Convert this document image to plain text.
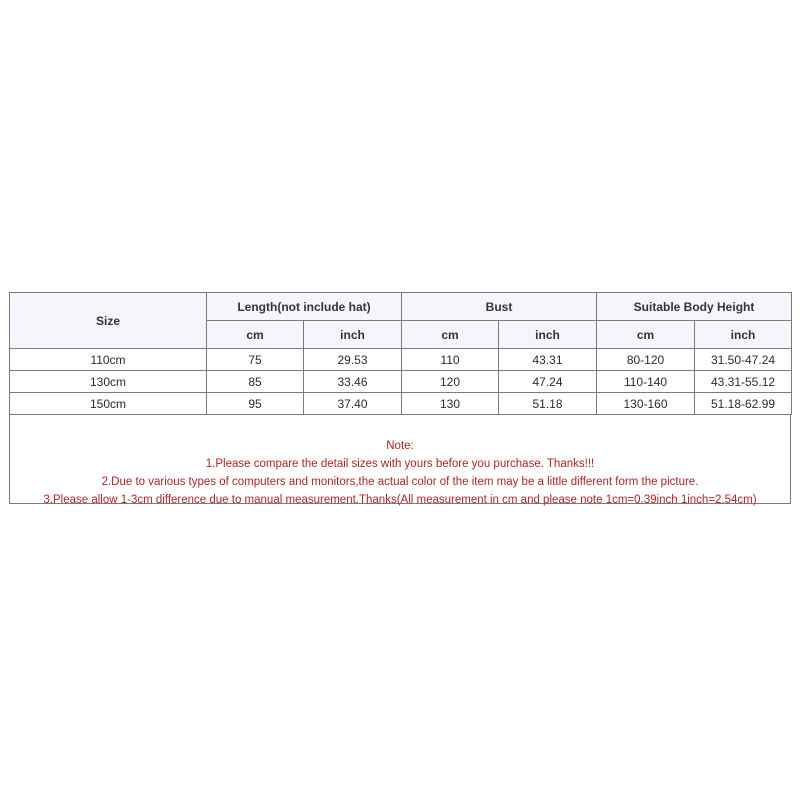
Size	Length(not include hat)		Bust		Suitable Body Height	
	cm	inch	cm	inch	cm	inch
110cm	75	29.53	110	43.31	80-120	31.50-47.24
130cm	85	33.46	120	47.24	110-140	43.31-55.12
150cm	95	37.40	130	51.18	130-160	51.18-62.99
Note:
1.Please compare the detail sizes with yours before you purchase. Thanks!!!
2.Due to various types of computers and monitors,the actual color of the item may be a little different form the picture.
3.Please allow 1-3cm difference due to manual measurement.Thanks(All measurement in cm and please note 1cm=0.39inch 1inch=2.54cm)
